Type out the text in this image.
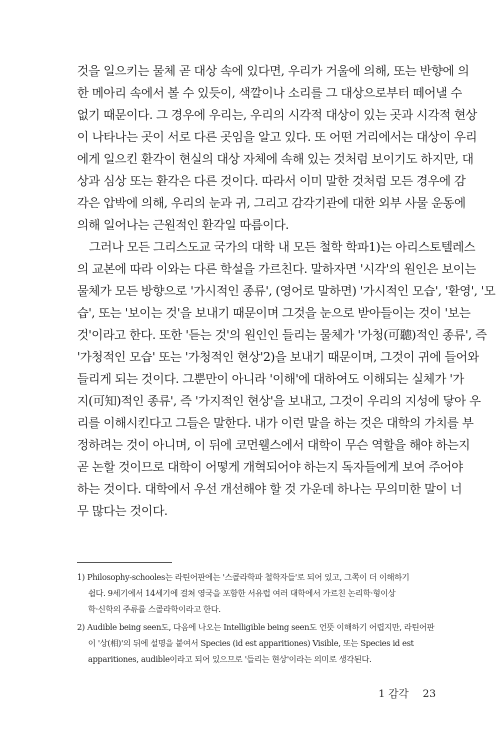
것을 일으키는 물체 곧 대상 속에 있다면, 우리가 거울에 의해, 또는 반향에 의
한 메아리 속에서 볼 수 있듯이, 색깔이나 소리를 그 대상으로부터 떼어낼 수
없기 때문이다. 그 경우에 우리는, 우리의 시각적 대상이 있는 곳과 시각적 현상
이 나타나는 곳이 서로 다른 곳임을 알고 있다. 또 어떤 거리에서는 대상이 우리
에게 일으킨 환각이 현실의 대상 자체에 속해 있는 것처럼 보이기도 하지만, 대
상과 심상 또는 환각은 다른 것이다. 따라서 이미 말한 것처럼 모든 경우에 감
각은 압박에 의해, 우리의 눈과 귀, 그리고 감각기관에 대한 외부 사물 운동에
의해 일어나는 근원적인 환각일 따름이다.
그러나 모든 그리스도교 국가의 대학 내 모든 철학 학파1)는 아리스토텔레스
의 교본에 따라 이와는 다른 학설을 가르친다. 말하자면 '시각'의 원인은 보이는
물체가 모든 방향으로 '가시적인 종류', (영어로 말하면) '가시적인 모습', '환영', '모
습', 또는 '보이는 것'을 보내기 때문이며 그것을 눈으로 받아들이는 것이 '보는
것'이라고 한다. 또한 '듣는 것'의 원인인 들리는 물체가 '가청(可聽)적인 종류', 즉
'가청적인 모습' 또는 '가청적인 현상'2)을 보내기 때문이며, 그것이 귀에 들어와
들리게 되는 것이다. 그뿐만이 아니라 '이해'에 대하여도 이해되는 실체가 '가
지(可知)적인 종류', 즉 '가지적인 현상'을 보내고, 그것이 우리의 지성에 닿아 우
리를 이해시킨다고 그들은 말한다. 내가 이런 말을 하는 것은 대학의 가치를 부
정하려는 것이 아니며, 이 뒤에 코먼웰스에서 대학이 무슨 역할을 해야 하는지
곧 논할 것이므로 대학이 어떻게 개혁되어야 하는지 독자들에게 보여 주어야
하는 것이다. 대학에서 우선 개선해야 할 것 가운데 하나는 무의미한 말이 너
무 많다는 것이다.
1) Philosophy-schooles는 라틴어판에는 '스콜라학파 철학자들'로 되어 있고, 그쪽이 더 이해하기
쉽다. 9세기에서 14세기에 걸쳐 영국을 포함한 서유럽 여러 대학에서 가르친 논리학·형이상
학·신학의 주류를 스콜라학이라고 한다.
2) Audible being seen도, 다음에 나오는 Intelligible being seen도 언뜻 이해하기 어렵지만, 라틴어판
이 '상(相)'의 뒤에 설명을 붙여서 Species (id est apparitiones) Visible, 또는 Species id est
apparitiones, audible이라고 되어 있으므로 '들리는 현상'이라는 의미로 생각된다.
1 감각 23
